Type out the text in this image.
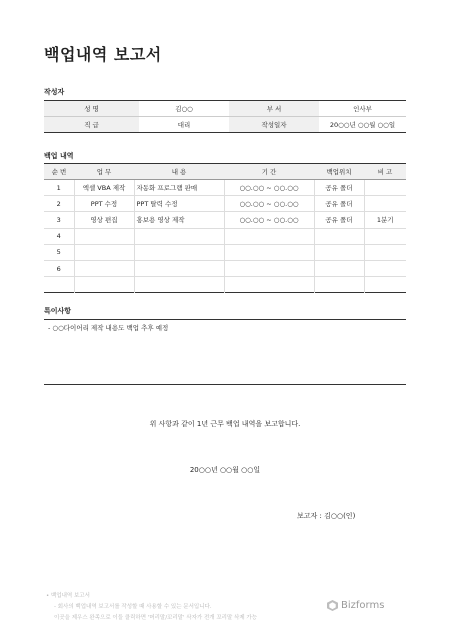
백업내역 보고서
작성자
성 명	김○○	부 서	인사부
직 급	대리	작성일자	20○○년 ○○월 ○○일
백업 내역
순 번	업 무	내 용	기 간	백업위치	비 고
1	엑셀 VBA 제작	자동화 프로그램 판매	○○.○○ ~ ○○.○○	공유 폴더	
2	PPT 수정	PPT 탈력 수정	○○.○○ ~ ○○.○○	공유 폴더	
3	영상 편집	홍보용 영상 제작	○○.○○ ~ ○○.○○	공유 폴더	1분기
4					
5					
6					

특이사항
- ○○다이어리 제작 내용도 백업 추후 예정
위 사항과 같이 1년 근무 백업 내역을 보고합니다.
20○○년 ○○월 ○○일
보고자 : 김○○(인)
• 백업내역 보고서
- 회사의 백업내역 보고서를 작성할 때 사용할 수 있는 문서입니다.
이곳을 제우스 완족으로 이들 클릭하면 '머리말/꼬리말' 삭자가 전개 꼬리말 삭제 가능
Bizforms
